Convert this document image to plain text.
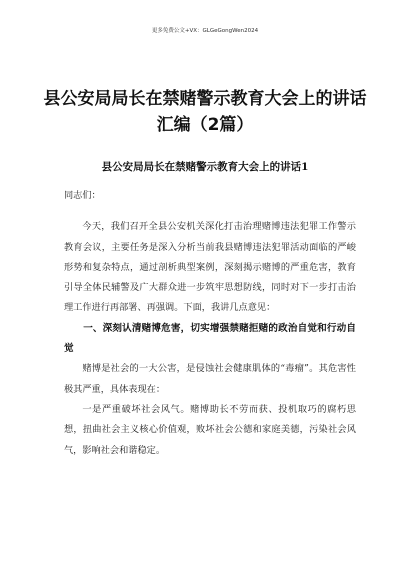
更多免费公文+VX：GLGeGongWen2024
县公安局局长在禁赌警示教育大会上的讲话汇编（2篇）
县公安局局长在禁赌警示教育大会上的讲话1

同志们：

今天，我们召开全县公安机关深化打击治理赌博违法犯罪工作警示教育会议，主要任务是深入分析当前我县赌博违法犯罪活动面临的严峻形势和复杂特点，通过剖析典型案例，深刻揭示赌博的严重危害，教育引导全体民辅警及广大群众进一步筑牢思想防线，同时对下一步打击治理工作进行再部署、再强调。下面，我讲几点意见：

一、深刻认清赌博危害，切实增强禁赌拒赌的政治自觉和行动自觉

赌博是社会的一大公害，是侵蚀社会健康肌体的“毒瘤”。其危害性极其严重，具体表现在：

一是严重破坏社会风气。赌博助长不劳而获、投机取巧的腐朽思想，扭曲社会主义核心价值观，败坏社会公德和家庭美德，污染社会风气，影响社会和谐稳定。
